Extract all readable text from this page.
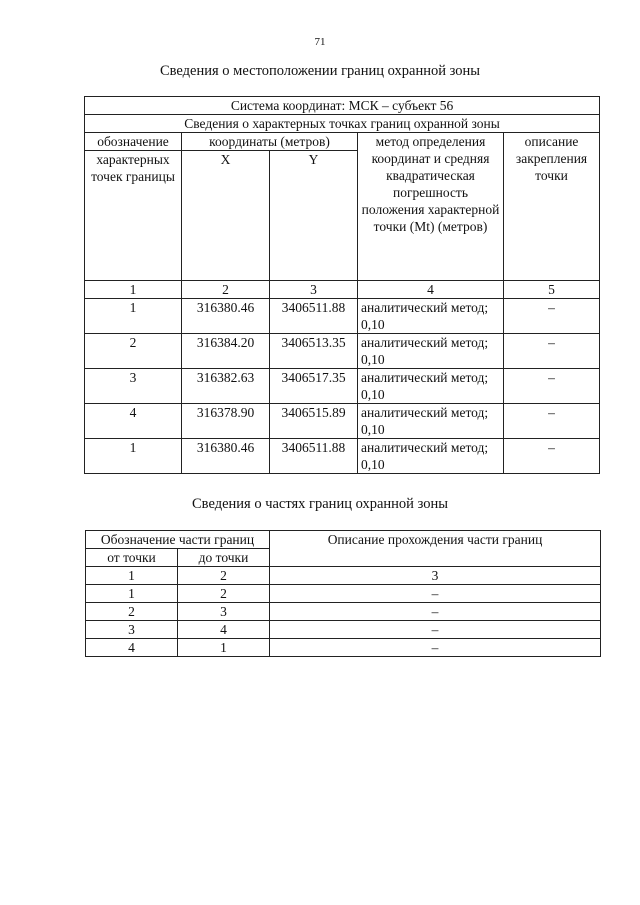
71
Сведения о местоположении границ охранной зоны
Система координат: МСК – субъект 56				
Сведения о характерных точках границ охранной зоны				
обозначение	координаты (метров)		метод определения координат и средняя квадратическая погрешность положения характерной точки (Mt) (метров)	описание закрепления точки
характерных точек границы	X	Y		
1	2	3	4	5
1	316380.46	3406511.88	аналитический метод; 0,10	–
2	316384.20	3406513.35	аналитический метод; 0,10	–
3	316382.63	3406517.35	аналитический метод; 0,10	–
4	316378.90	3406515.89	аналитический метод; 0,10	–
1	316380.46	3406511.88	аналитический метод; 0,10	–
Сведения о частях границ охранной зоны
Обозначение части границ		Описание прохождения части границ
от точки	до точки	
1	2	3
1	2	–
2	3	–
3	4	–
4	1	–
